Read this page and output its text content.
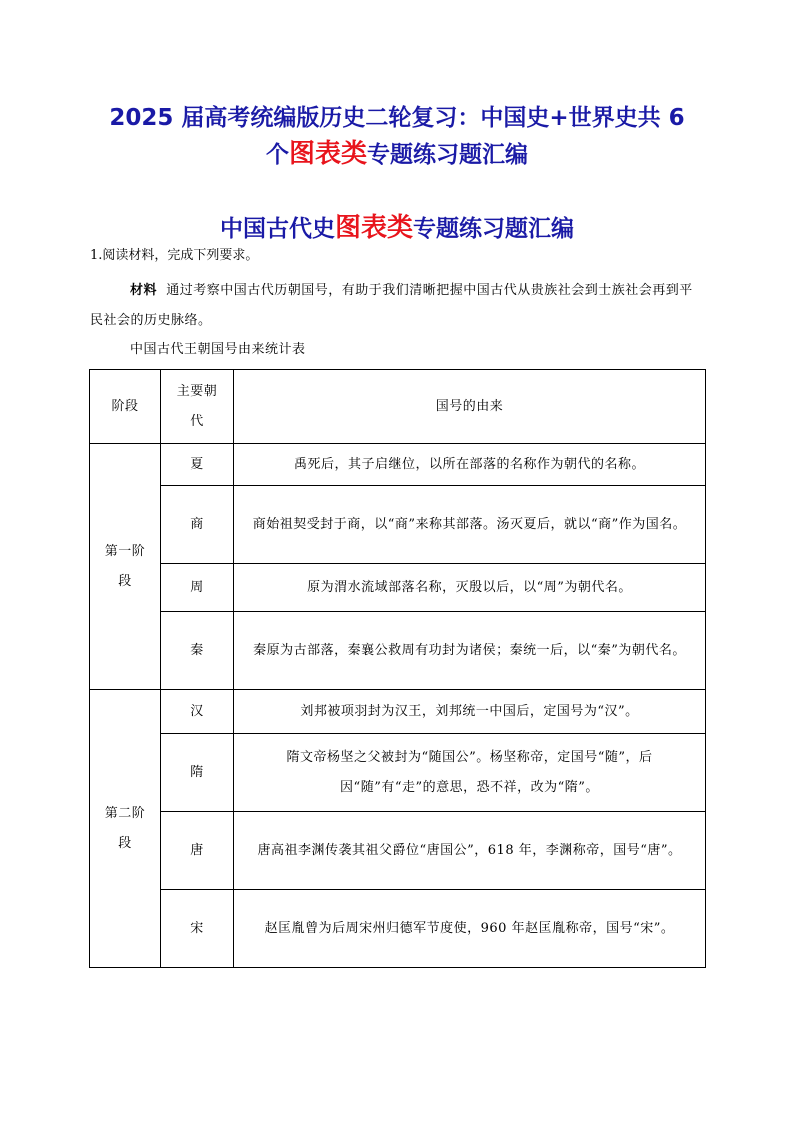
2025 届高考统编版历史二轮复习：中国史+世界史共 6
个图表类专题练习题汇编
中国古代史图表类专题练习题汇编
1.阅读材料，完成下列要求。
材料 通过考察中国古代历朝国号，有助于我们清晰把握中国古代从贵族社会到士族社会再到平民社会的历史脉络。
中国古代王朝国号由来统计表
阶段	主要朝代	国号的由来
第一阶段	夏	禹死后，其子启继位，以所在部落的名称作为朝代的名称。
	商	商始祖契受封于商，以“商”来称其部落。汤灭夏后，就以“商”作为国名。
	周	原为渭水流域部落名称，灭殷以后，以“周”为朝代名。
	秦	秦原为古部落，秦襄公救周有功封为诸侯；秦统一后，以“秦”为朝代名。
第二阶段	汉	刘邦被项羽封为汉王，刘邦统一中国后，定国号为“汉”。
	隋	隋文帝杨坚之父被封为“随国公”。杨坚称帝，定国号“随”，后因“随”有“走”的意思，恐不祥，改为“隋”。
	唐	唐高祖李渊传袭其祖父爵位“唐国公”，618 年，李渊称帝，国号“唐”。
	宋	赵匡胤曾为后周宋州归德军节度使，960 年赵匡胤称帝，国号“宋”。
